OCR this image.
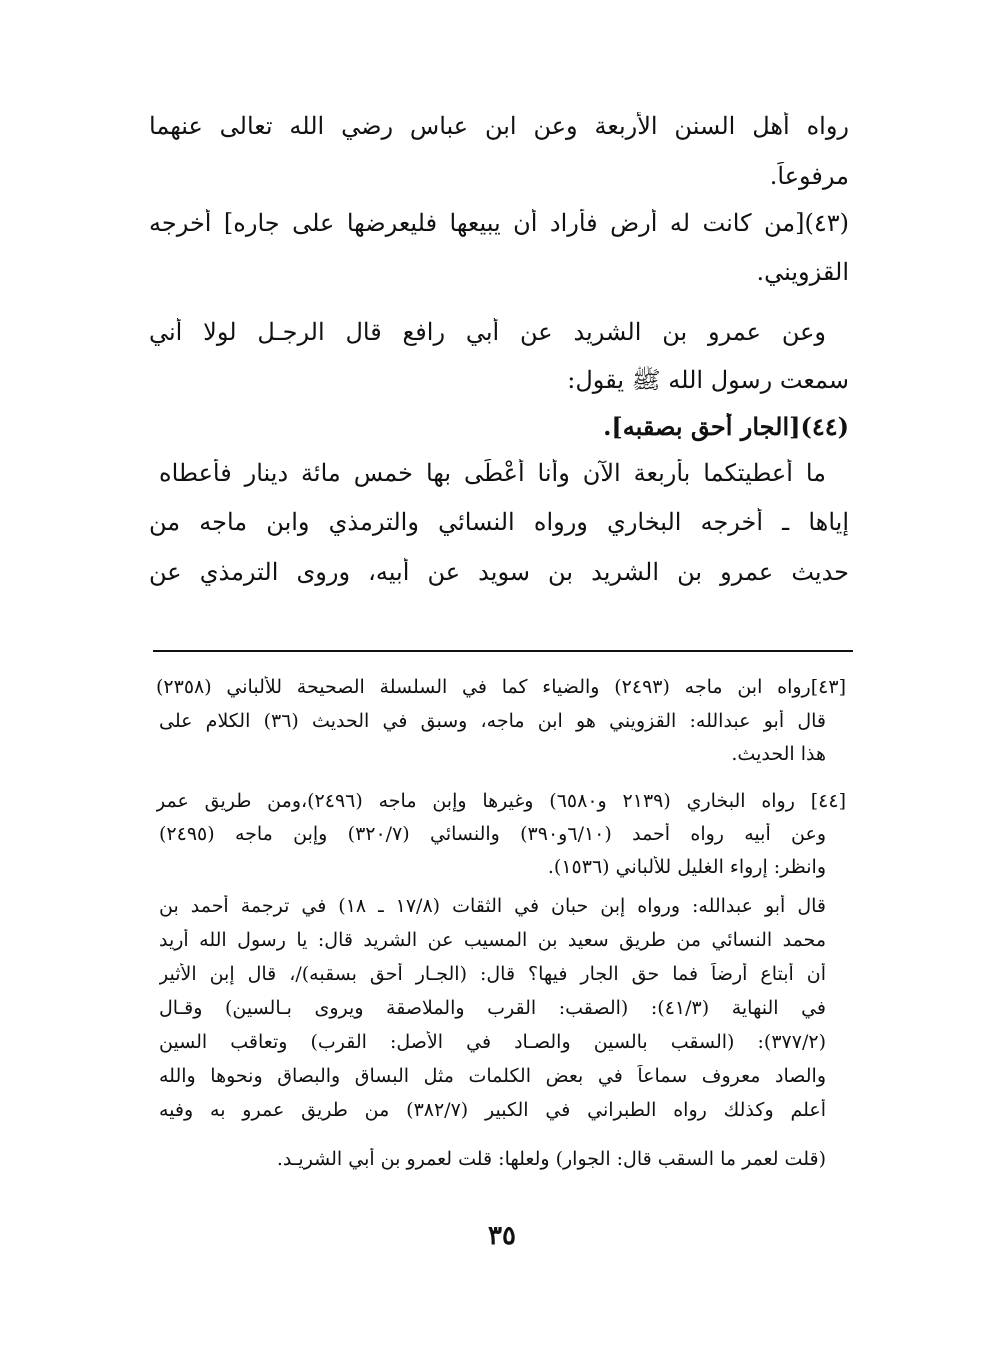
رواه أهل السنن الأربعة وعن ابن عباس رضي الله تعالى عنهما
مرفوعاً.
(٤٣)[من كانت له أرض فأراد أن يبيعها فليعرضها على جاره] أخرجه
القزويني.
وعن عمرو بن الشريد عن أبي رافع قال الرجـل لولا أني
سمعت رسول الله ﷺ يقول:
(٤٤)[الجار أحق بصقبه].
ما أعطيتكما بأربعة الآن وأنا أُعْطَى بها خمس مائة دينار فأعطاه
إياها ـ أخرجه البخاري ورواه النسائي والترمذي وابن ماجه من
حديث عمرو بن الشريد بن سويد عن أبيه، وروى الترمذي عن
[٤٣]رواه ابن ماجه (٢٤٩٣) والضياء كما في السلسلة الصحيحة للألباني (٢٣٥٨)
قال أبو عبدالله: القزويني هو ابن ماجه، وسبق في الحديث (٣٦) الكلام على
هذا الحديث.
[٤٤] رواه البخاري (٢١٣٩ و٦٥٨٠) وغيرها وإبن ماجه (٢٤٩٦)،ومن طريق عمر
وعن أبيه رواه أحمد (٦/١٠و٣٩٠) والنسائي (٣٢٠/٧) وإبن ماجه (٢٤٩٥)
وانظر: إرواء الغليل للألباني (١٥٣٦).
قال أبو عبدالله: ورواه إبن حبان في الثقات (١٧/٨ ـ ١٨) في ترجمة أحمد بن
محمد النسائي من طريق سعيد بن المسيب عن الشريد قال: يا رسول الله أريد
أن أبتاع أرضاً فما حق الجار فيها؟ قال: (الجـار أحق بسقبه)/، قال إبن الأثير
في النهاية (٤١/٣): (الصقب: القرب والملاصقة ويروى بـالسين) وقـال
(٣٧٧/٢): (السقب بالسين والصـاد في الأصل: القرب) وتعاقب السين
والصاد معروف سماعاً في بعض الكلمات مثل البساق والبصاق ونحوها والله
أعلم وكذلك رواه الطبراني في الكبير (٣٨٢/٧) من طريق عمرو به وفيه
(قلت لعمر ما السقب قال: الجوار) ولعلها: قلت لعمرو بن أبي الشريـد.
٣٥
